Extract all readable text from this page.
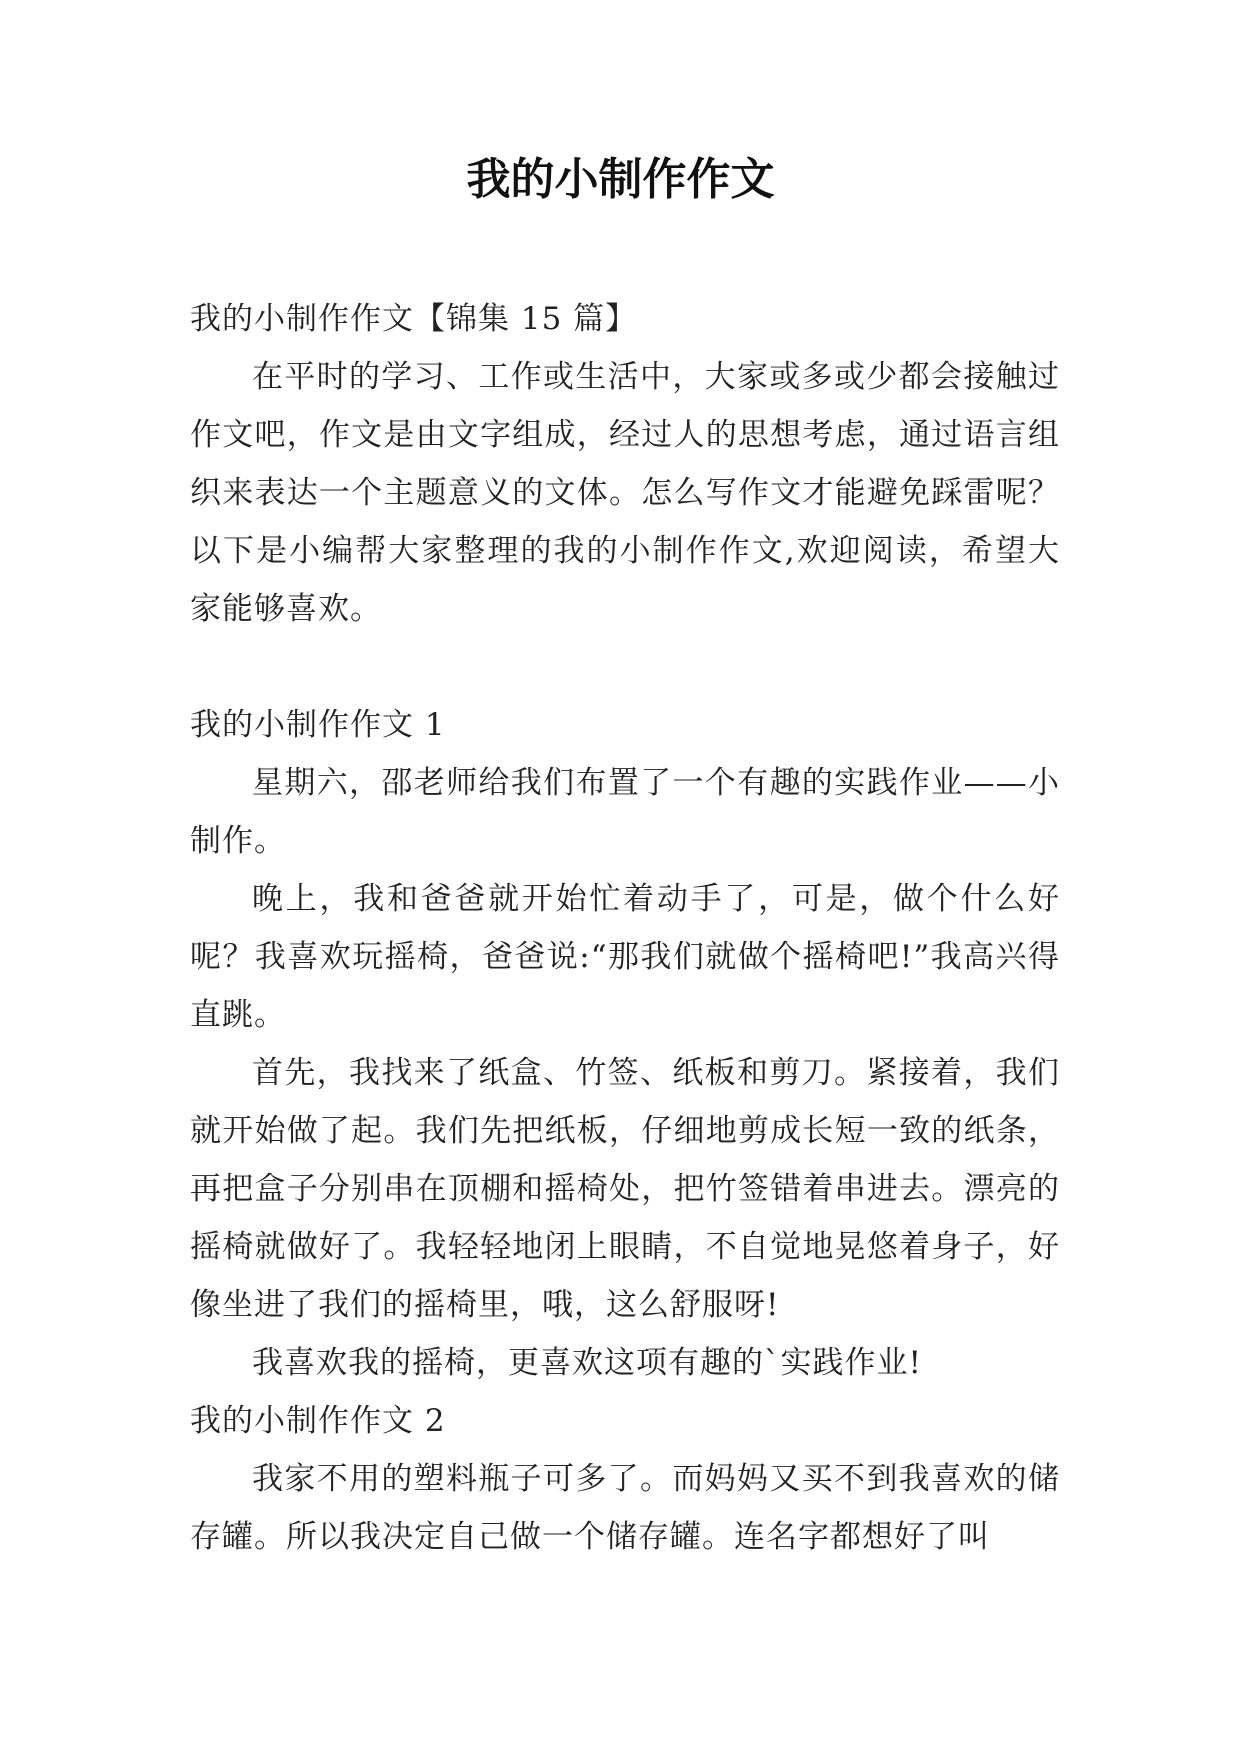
我的小制作作文

我的小制作作文【锦集 15 篇】

在平时的学习、工作或生活中，大家或多或少都会接触过作文吧，作文是由文字组成，经过人的思想考虑，通过语言组织来表达一个主题意义的文体。怎么写作文才能避免踩雷呢？以下是小编帮大家整理的我的小制作作文,欢迎阅读，希望大家能够喜欢。

我的小制作作文 1

星期六，邵老师给我们布置了一个有趣的实践作业——小制作。

晚上，我和爸爸就开始忙着动手了，可是，做个什么好呢？我喜欢玩摇椅，爸爸说:“那我们就做个摇椅吧!”我高兴得直跳。

首先，我找来了纸盒、竹签、纸板和剪刀。紧接着，我们就开始做了起。我们先把纸板，仔细地剪成长短一致的纸条，再把盒子分别串在顶棚和摇椅处，把竹签错着串进去。漂亮的摇椅就做好了。我轻轻地闭上眼睛，不自觉地晃悠着身子，好像坐进了我们的摇椅里，哦，这么舒服呀!

我喜欢我的摇椅，更喜欢这项有趣的`实践作业!

我的小制作作文 2

我家不用的塑料瓶子可多了。而妈妈又买不到我喜欢的储存罐。所以我决定自己做一个储存罐。连名字都想好了叫
